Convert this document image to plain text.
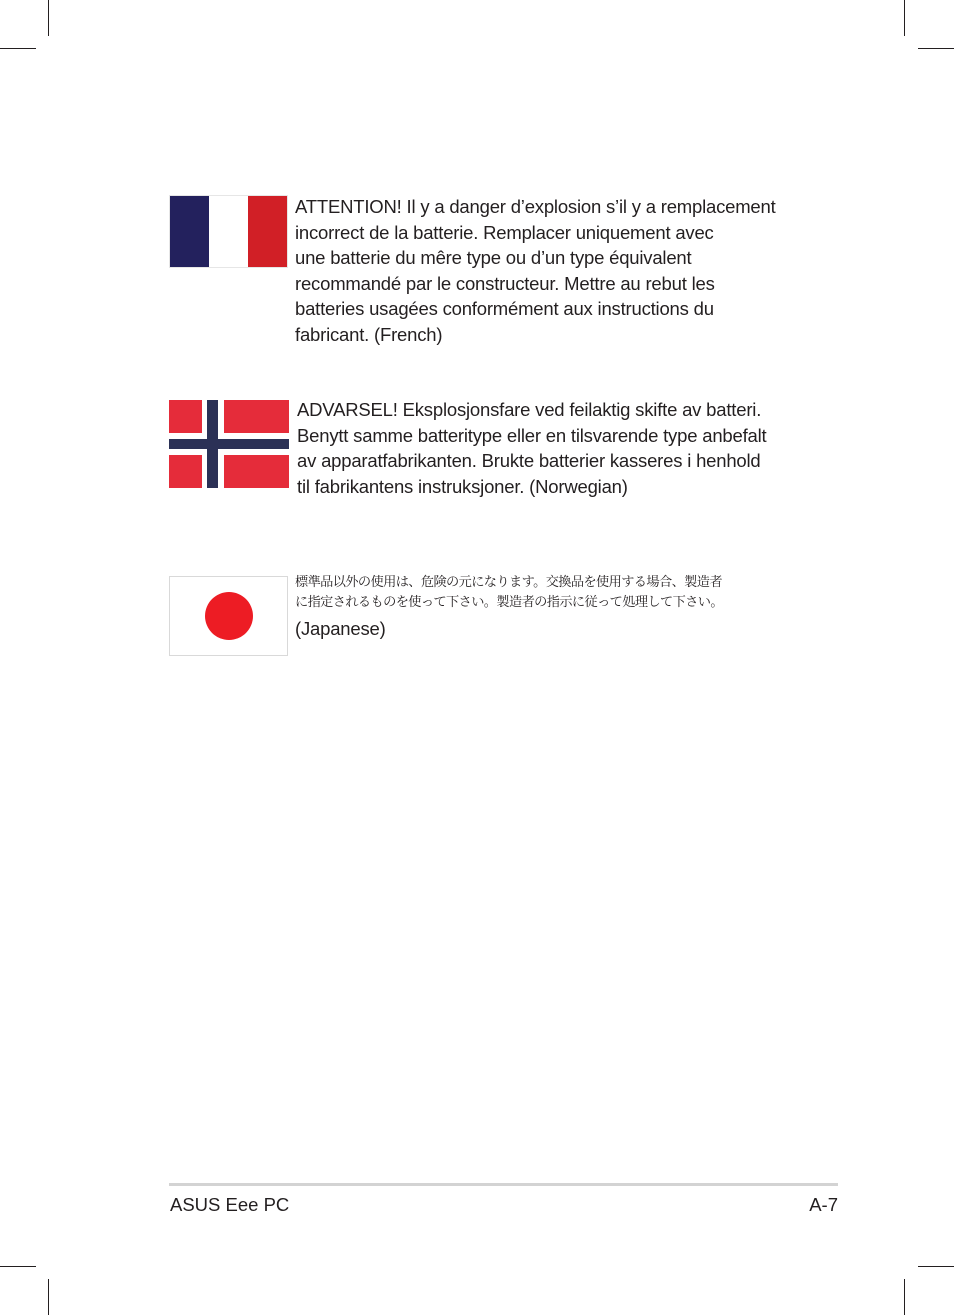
ATTENTION! Il y a danger d’explosion s’il y a remplacement
incorrect de la batterie. Remplacer uniquement avec
une batterie du mêre type ou d’un type équivalent
recommandé par le constructeur. Mettre au rebut les
batteries usagées conformément aux instructions du
fabricant. (French)
ADVARSEL! Eksplosjonsfare ved feilaktig skifte av batteri.
Benytt samme batteritype eller en tilsvarende type anbefalt
av apparatfabrikanten. Brukte batterier kasseres i henhold
til fabrikantens instruksjoner. (Norwegian)
標準品以外の使用は、危険の元になります。交換品を使用する場合、製造者
に指定されるものを使って下さい。製造者の指示に従って処理して下さい。
(Japanese)
ASUS Eee PC	A-7
